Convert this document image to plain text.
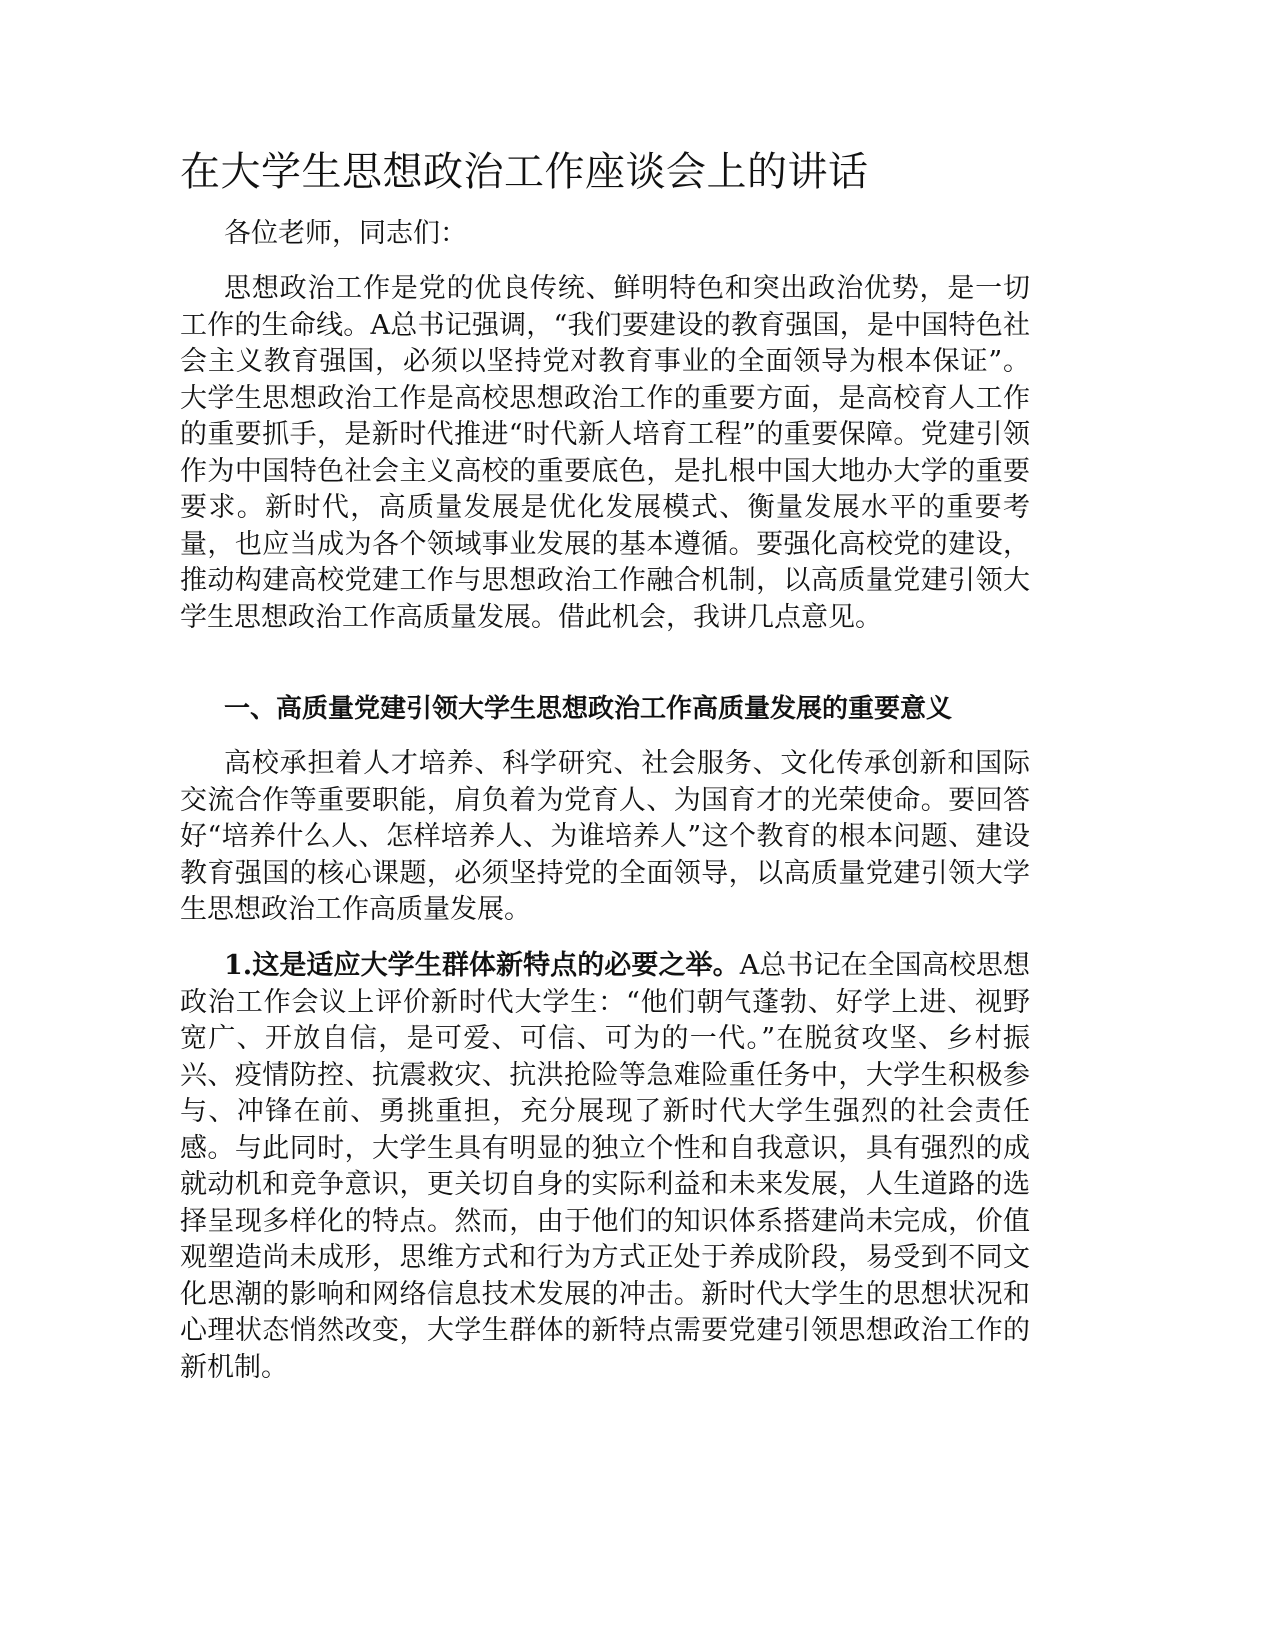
在大学生思想政治工作座谈会上的讲话

各位老师，同志们：

思想政治工作是党的优良传统、鲜明特色和突出政治优势，是一切工作的生命线。A总书记强调，“我们要建设的教育强国，是中国特色社会主义教育强国，必须以坚持党对教育事业的全面领导为根本保证”。大学生思想政治工作是高校思想政治工作的重要方面，是高校育人工作的重要抓手，是新时代推进“时代新人培育工程”的重要保障。党建引领作为中国特色社会主义高校的重要底色，是扎根中国大地办大学的重要要求。新时代，高质量发展是优化发展模式、衡量发展水平的重要考量，也应当成为各个领域事业发展的基本遵循。要强化高校党的建设，推动构建高校党建工作与思想政治工作融合机制，以高质量党建引领大学生思想政治工作高质量发展。借此机会，我讲几点意见。

一、高质量党建引领大学生思想政治工作高质量发展的重要意义

高校承担着人才培养、科学研究、社会服务、文化传承创新和国际交流合作等重要职能，肩负着为党育人、为国育才的光荣使命。要回答好“培养什么人、怎样培养人、为谁培养人”这个教育的根本问题、建设教育强国的核心课题，必须坚持党的全面领导，以高质量党建引领大学生思想政治工作高质量发展。

1.这是适应大学生群体新特点的必要之举。A总书记在全国高校思想政治工作会议上评价新时代大学生：“他们朝气蓬勃、好学上进、视野宽广、开放自信，是可爱、可信、可为的一代。”在脱贫攻坚、乡村振兴、疫情防控、抗震救灾、抗洪抢险等急难险重任务中，大学生积极参与、冲锋在前、勇挑重担，充分展现了新时代大学生强烈的社会责任感。与此同时，大学生具有明显的独立个性和自我意识，具有强烈的成就动机和竞争意识，更关切自身的实际利益和未来发展，人生道路的选择呈现多样化的特点。然而，由于他们的知识体系搭建尚未完成，价值观塑造尚未成形，思维方式和行为方式正处于养成阶段，易受到不同文化思潮的影响和网络信息技术发展的冲击。新时代大学生的思想状况和心理状态悄然改变，大学生群体的新特点需要党建引领思想政治工作的新机制。
